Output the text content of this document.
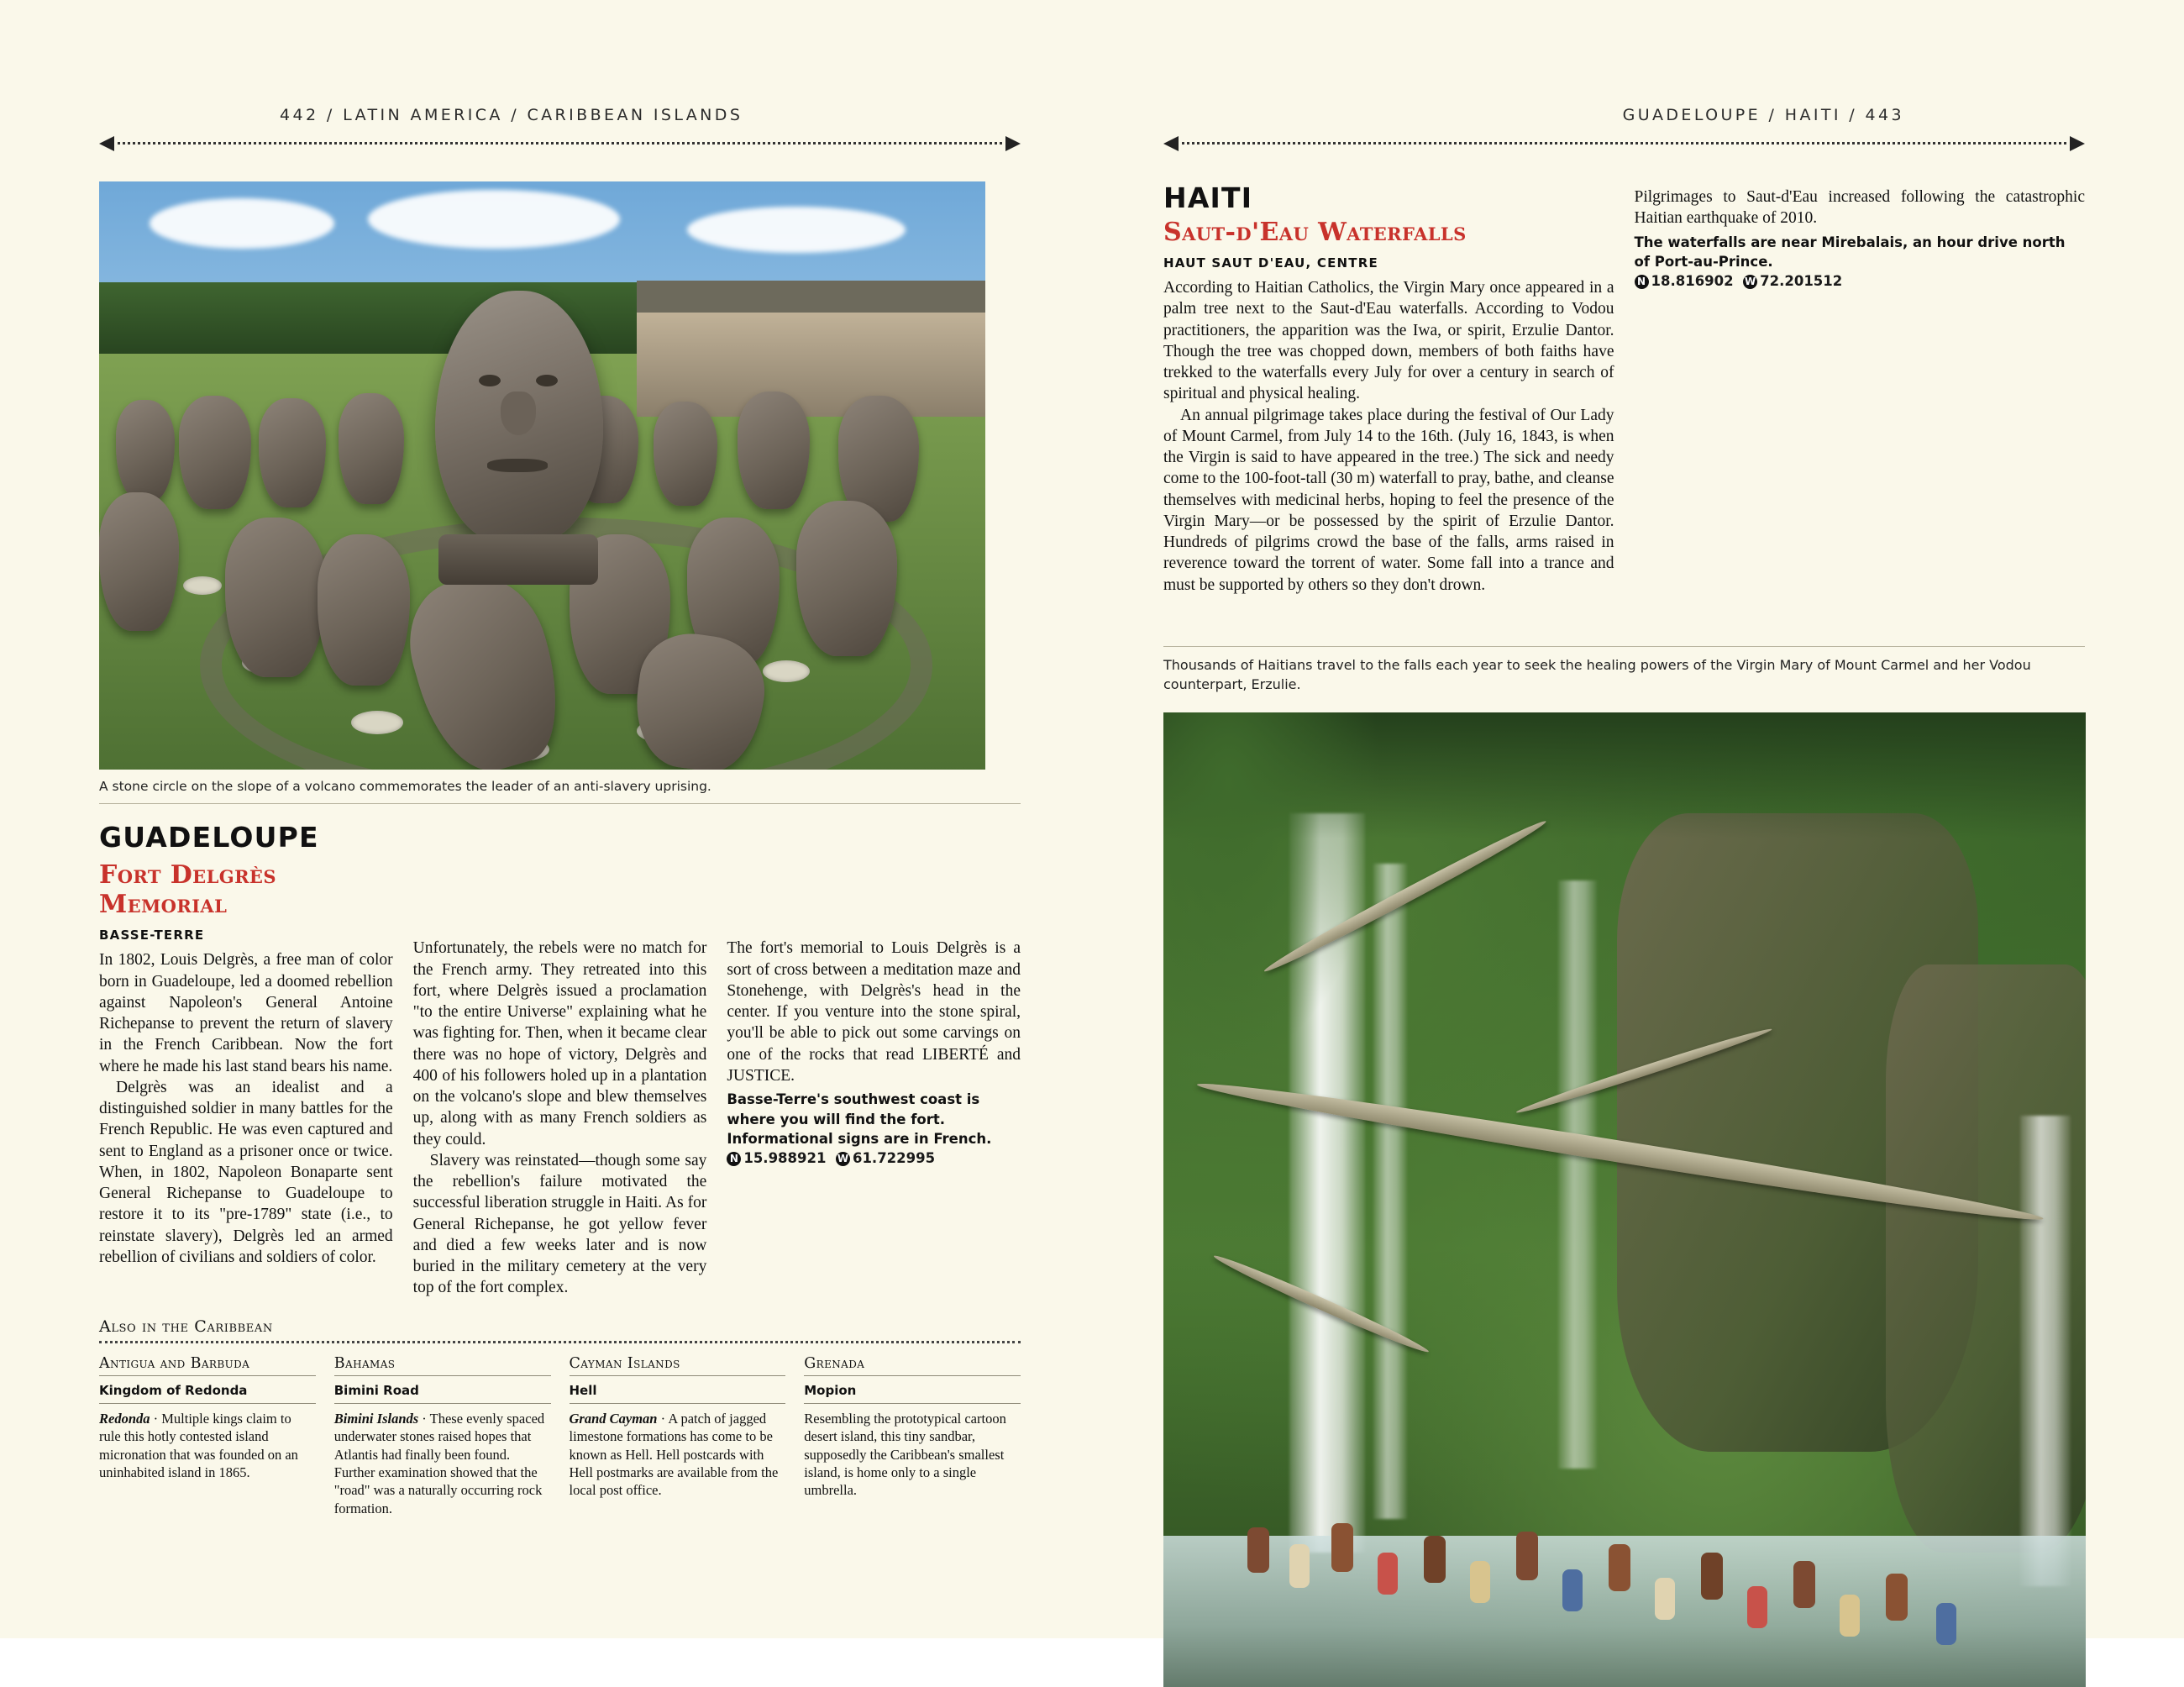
442 / LATIN AMERICA / CARIBBEAN ISLANDS
A stone circle on the slope of a volcano commemorates the leader of an anti-slavery uprising.
GUADELOUPE
Fort Delgrès Memorial
BASSE-TERRE

In 1802, Louis Delgrès, a free man of color born in Guadeloupe, led a doomed rebellion against Napoleon's General Antoine Richepanse to prevent the return of slavery in the French Caribbean. Now the fort where he made his last stand bears his name.

Delgrès was an idealist and a distinguished soldier in many battles for the French Republic. He was even captured and sent to England as a prisoner once or twice. When, in 1802, Napoleon Bonaparte sent General Richepanse to Guadeloupe to restore it to its "pre-1789" state (i.e., to reinstate slavery), Delgrès led an armed rebellion of civilians and soldiers of color.

Unfortunately, the rebels were no match for the French army. They retreated into this fort, where Delgrès issued a proclamation "to the entire Universe" explaining what he was fighting for. Then, when it became clear there was no hope of victory, Delgrès and 400 of his followers holed up in a plantation on the volcano's slope and blew themselves up, along with as many French soldiers as they could.

Slavery was reinstated—though some say the rebellion's failure motivated the successful liberation struggle in Haiti. As for General Richepanse, he got yellow fever and died a few weeks later and is now buried in the military cemetery at the very top of the fort complex.

The fort's memorial to Louis Delgrès is a sort of cross between a meditation maze and Stonehenge, with Delgrès's head in the center. If you venture into the stone spiral, you'll be able to pick out some carvings on one of the rocks that read LIBERTÉ and JUSTICE.

Basse-Terre's southwest coast is where you will find the fort. Informational signs are in French.
N 15.988921 W 61.722995
Also in the Caribbean
Antigua and Barbuda
Kingdom of Redonda
Redonda · Multiple kings claim to rule this hotly contested island micronation that was founded on an uninhabited island in 1865.
Bahamas
Bimini Road
Bimini Islands · These evenly spaced underwater stones raised hopes that Atlantis had finally been found. Further examination showed that the "road" was a naturally occurring rock formation.
Cayman Islands
Hell
Grand Cayman · A patch of jagged limestone formations has come to be known as Hell. Hell postcards with Hell postmarks are available from the local post office.
Grenada
Mopion
Resembling the prototypical cartoon desert island, this tiny sandbar, supposedly the Caribbean's smallest island, is home only to a single umbrella.
GUADELOUPE / HAITI / 443
HAITI
Saut-d'Eau Waterfalls
HAUT SAUT D'EAU, CENTRE

According to Haitian Catholics, the Virgin Mary once appeared in a palm tree next to the Saut-d'Eau waterfalls. According to Vodou practitioners, the apparition was the Iwa, or spirit, Erzulie Dantor. Though the tree was chopped down, members of both faiths have trekked to the waterfalls every July for over a century in search of spiritual and physical healing.

An annual pilgrimage takes place during the festival of Our Lady of Mount Carmel, from July 14 to the 16th. (July 16, 1843, is when the Virgin is said to have appeared in the tree.) The sick and needy come to the 100-foot-tall (30 m) waterfall to pray, bathe, and cleanse themselves with medicinal herbs, hoping to feel the presence of the Virgin Mary—or be possessed by the spirit of Erzulie Dantor. Hundreds of pilgrims crowd the base of the falls, arms raised in reverence toward the torrent of water. Some fall into a trance and must be supported by others so they don't drown.

Pilgrimages to Saut-d'Eau increased following the catastrophic Haitian earthquake of 2010.

The waterfalls are near Mirebalais, an hour drive north of Port-au-Prince.
N 18.816902 W 72.201512
Thousands of Haitians travel to the falls each year to seek the healing powers of the Virgin Mary of Mount Carmel and her Vodou counterpart, Erzulie.
